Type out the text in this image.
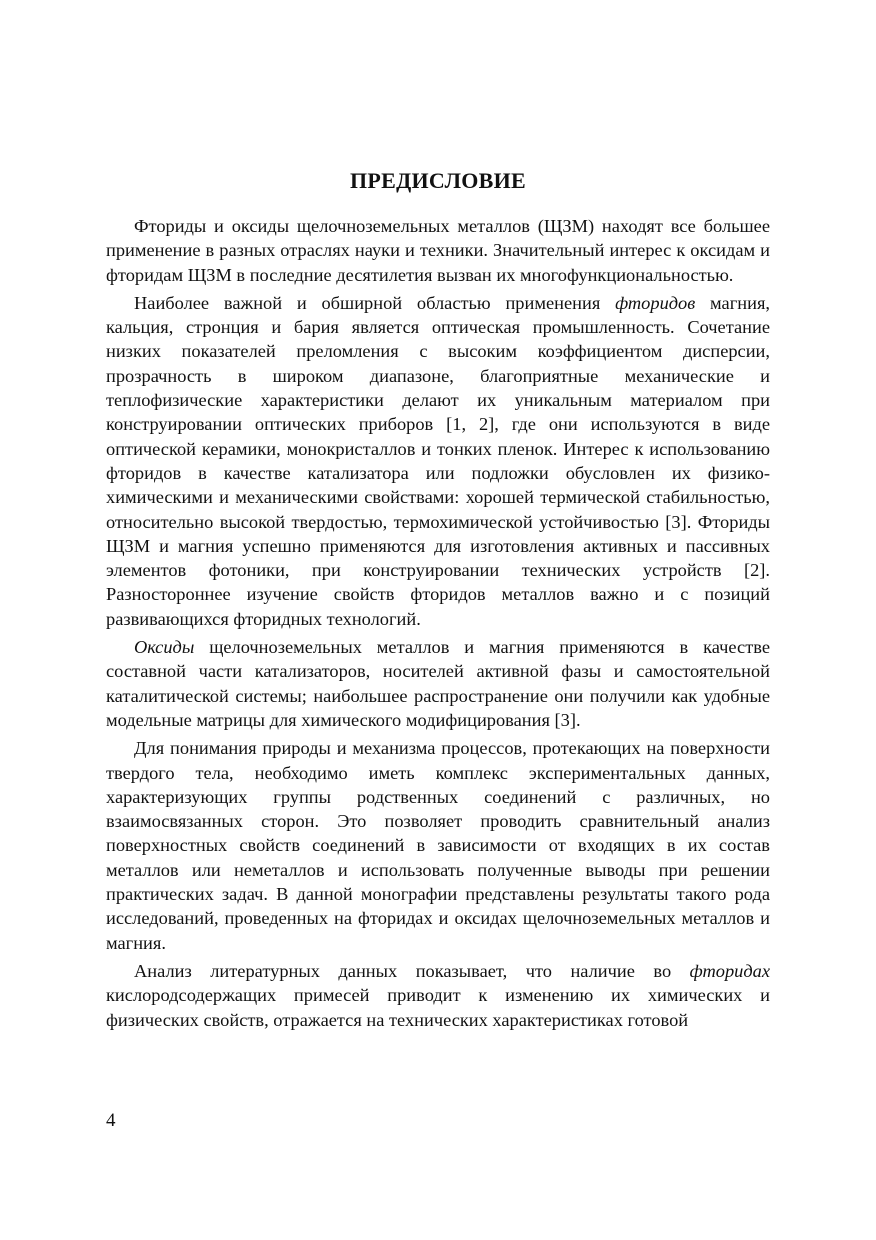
ПРЕДИСЛОВИЕ

Фториды и оксиды щелочноземельных металлов (ЩЗМ) находят все большее применение в разных отраслях науки и техники. Значительный интерес к оксидам и фторидам ЩЗМ в последние десятилетия вызван их многофункциональностью.

Наиболее важной и обширной областью применения фторидов магния, кальция, стронция и бария является оптическая промышленность. Сочетание низких показателей преломления с высоким коэффициентом дисперсии, прозрачность в широком диапазоне, благоприятные механические и теплофизические характеристики делают их уникальным материалом при конструировании оптических приборов [1, 2], где они используются в виде оптической керамики, монокристаллов и тонких пленок. Интерес к использованию фторидов в качестве катализатора или подложки обусловлен их физико-химическими и механическими свойствами: хорошей термической стабильностью, относительно высокой твердостью, термохимической устойчивостью [3]. Фториды ЩЗМ и магния успешно применяются для изготовления активных и пассивных элементов фотоники, при конструировании технических устройств [2]. Разностороннее изучение свойств фторидов металлов важно и с позиций развивающихся фторидных технологий.

Оксиды щелочноземельных металлов и магния применяются в качестве составной части катализаторов, носителей активной фазы и самостоятельной каталитической системы; наибольшее распространение они получили как удобные модельные матрицы для химического модифицирования [3].

Для понимания природы и механизма процессов, протекающих на поверхности твердого тела, необходимо иметь комплекс экспериментальных данных, характеризующих группы родственных соединений с различных, но взаимосвязанных сторон. Это позволяет проводить сравнительный анализ поверхностных свойств соединений в зависимости от входящих в их состав металлов или неметаллов и использовать полученные выводы при решении практических задач. В данной монографии представлены результаты такого рода исследований, проведенных на фторидах и оксидах щелочноземельных металлов и магния.

Анализ литературных данных показывает, что наличие во фторидах кислородсодержащих примесей приводит к изменению их химических и физических свойств, отражается на технических характеристиках готовой

4
